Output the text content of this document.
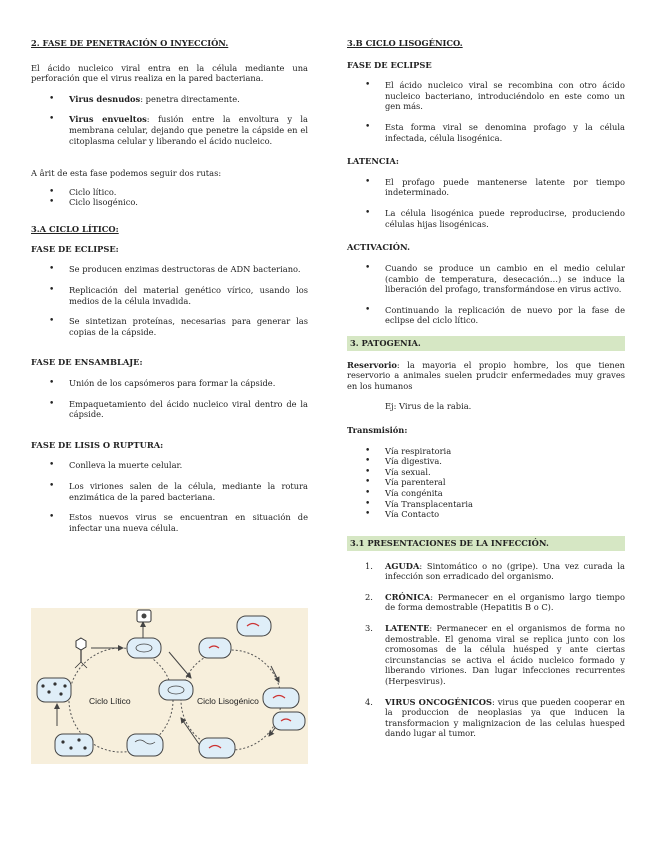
2. FASE DE PENETRACIÓN O INYECCIÓN.

El ácido nucleico viral entra en la célula mediante una perforación que el virus realiza en la pared bacteriana.

• Virus desnudos: penetra directamente.
• Virus envueltos: fusión entre la envoltura y la membrana celular, dejando que penetre la cápside en el citoplasma celular y liberando el ácido nucleico.

A ârit de esta fase podemos seguir dos rutas:

• Ciclo lítico.
• Ciclo lisogénico.
3.A CICLO LÍTICO:
FASE DE ECLIPSE:
• Se producen enzimas destructoras de ADN bacteriano.
• Replicación del material genético vírico, usando los medios de la célula invadida.
• Se sintetizan proteínas, necesarias para generar las copias de la cápside.
FASE DE ENSAMBLAJE:
• Unión de los capsómeros para formar la cápside.
• Empaquetamiento del ácido nucleico viral dentro de la cápside.
FASE DE LISIS O RUPTURA:
• Conlleva la muerte celular.
• Los viriones salen de la célula, mediante la rotura enzimática de la pared bacteriana.
• Estos nuevos virus se encuentran en situación de infectar una nueva célula.
Ciclo Lítico	Ciclo Lisogénico
3.B CICLO LISOGÉNICO.
FASE DE ECLIPSE
• El ácido nucleico viral se recombina con otro ácido nucleico bacteriano, introduciéndolo en este como un gen más.
• Esta forma viral se denomina profago y la célula infectada, célula lisogénica.
LATENCIA:
• El profago puede mantenerse latente por tiempo indeterminado.
• La célula lisogénica puede reproducirse, produciendo células hijas lisogénicas.
ACTIVACIÓN.
• Cuando se produce un cambio en el medio celular (cambio de temperatura, desecación…) se induce la liberación del profago, transformándose en virus activo.
• Continuando la replicación de nuevo por la fase de eclipse del ciclo lítico.
3. PATOGENIA.

Reservorio: la mayoria el propio hombre, los que tienen reservorio a animales suelen prudcir enfermedades muy graves en los humanos

Ej: Virus de la rabia.

Transmisión:
• Vía respiratoria
• Vía digestiva.
• Vía sexual.
• Vía parenteral
• Vía congénita
• Vía Transplacentaria
• Vía Contacto
3.1 PRESENTACIONES DE LA INFECCIÓN.
1. AGUDA: Sintomático o no (gripe). Una vez curada la infección son erradicado del organismo.
2. CRÓNICA: Permanecer en el organismo largo tiempo de forma demostrable (Hepatitis B o C).
3. LATENTE: Permanecer en el organismos de forma no demostrable. El genoma viral se replica junto con los cromosomas de la célula huésped y ante ciertas circunstancias se activa el ácido nucleico formado y liberando viriones. Dan lugar infecciones recurrentes (Herpesvirus).
4. VIRUS ONCOGÉNICOS: virus que pueden cooperar en la produccion de neoplasias ya que inducen la transformacion y malignizacion de las celulas huesped dando lugar al tumor.
